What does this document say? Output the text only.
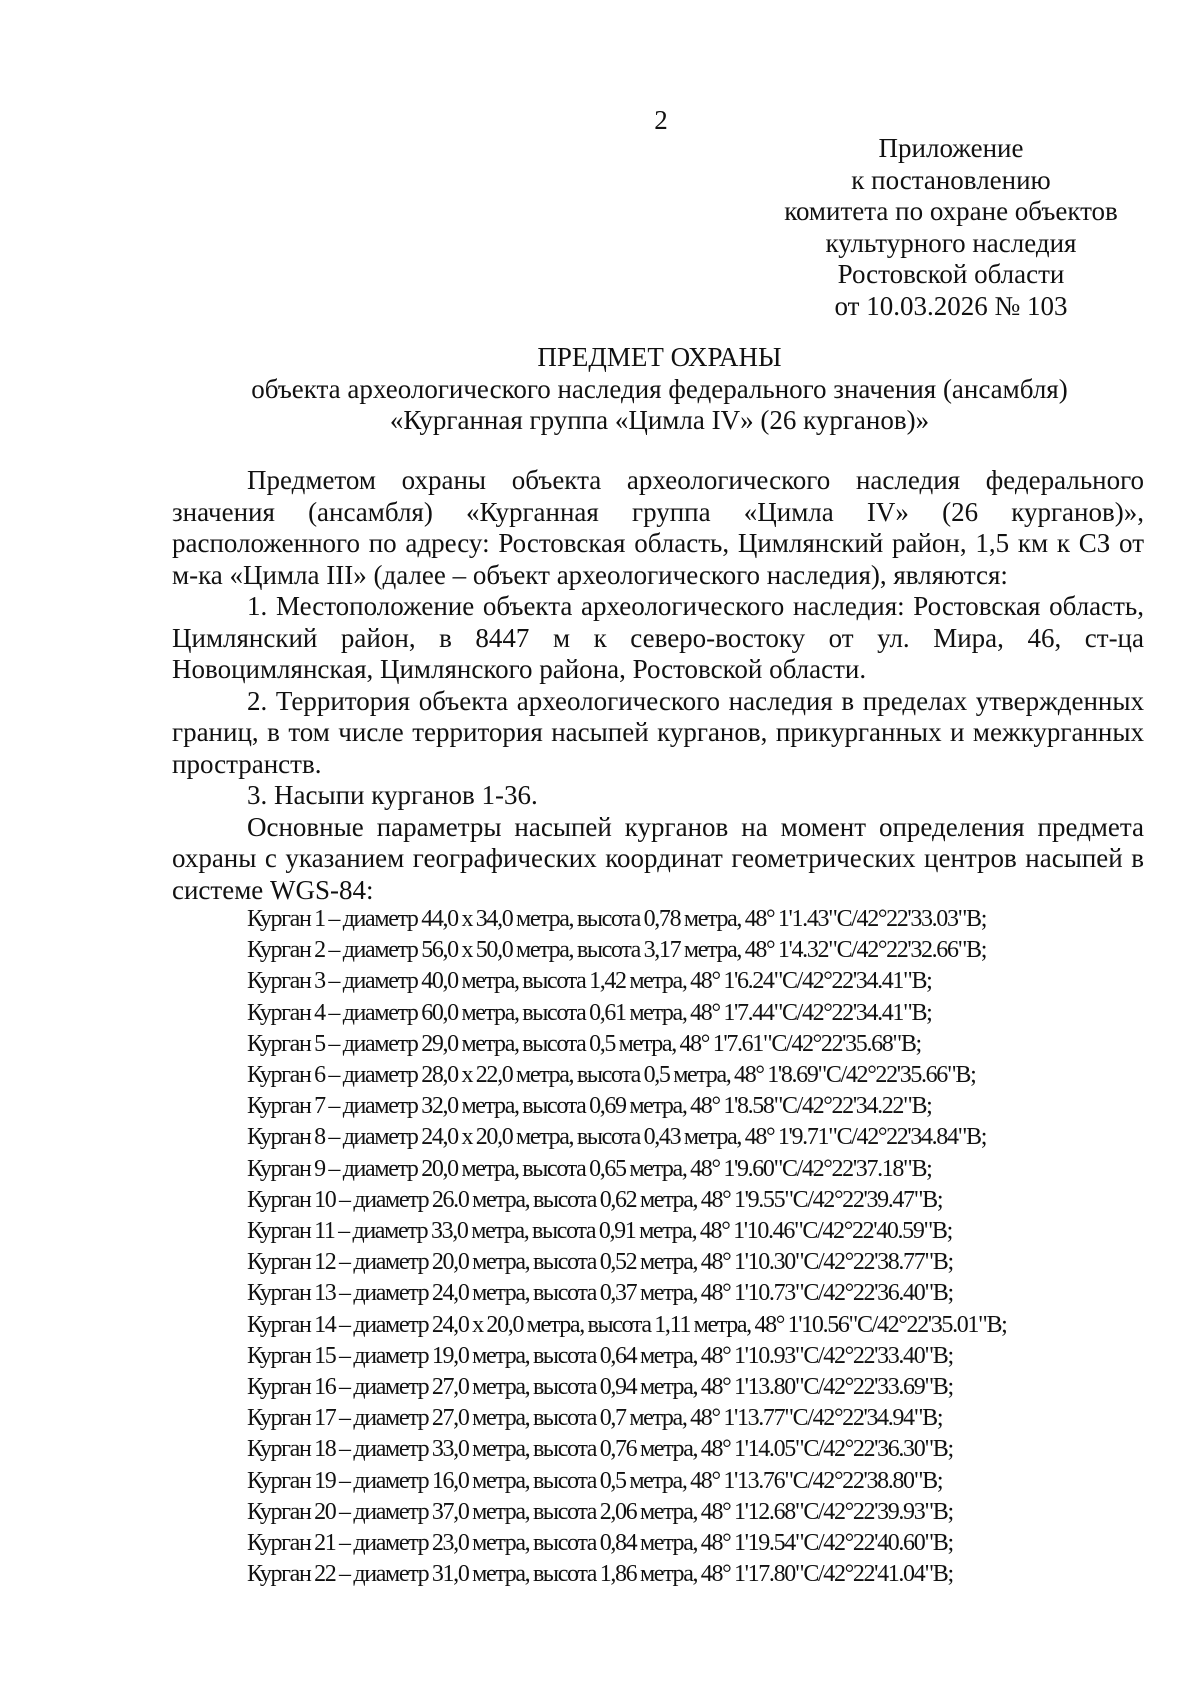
2
Приложение
к постановлению
комитета по охране объектов
культурного наследия
Ростовской области
от 10.03.2026 № 103
ПРЕДМЕТ ОХРАНЫ
объекта археологического наследия федерального значения (ансамбля)
«Курганная группа «Цимла IV» (26 курганов)»

Предметом охраны объекта археологического наследия федерального значения (ансамбля) «Курганная группа «Цимла IV» (26 курганов)», расположенного по адресу: Ростовская область, Цимлянский район, 1,5 км к СЗ от м-ка «Цимла III» (далее – объект археологического наследия), являются:

1. Местоположение объекта археологического наследия: Ростовская область, Цимлянский район, в 8447 м к северо-востоку от ул. Мира, 46, ст-ца Новоцимлянская, Цимлянского района, Ростовской области.

2. Территория объекта археологического наследия в пределах утвержденных границ, в том числе территория насыпей курганов, прикурганных и межкурганных пространств.

3. Насыпи курганов 1-36.

Основные параметры насыпей курганов на момент определения предмета охраны с указанием географических координат геометрических центров насыпей в системе WGS-84:

Курган 1 – диаметр 44,0 х 34,0 метра, высота 0,78 метра, 48° 1'1.43"С/42°22'33.03"В;
Курган 2 – диаметр 56,0 х 50,0 метра, высота 3,17 метра, 48° 1'4.32"С/42°22'32.66"В;
Курган 3 – диаметр 40,0 метра, высота 1,42 метра, 48° 1'6.24"С/42°22'34.41"В;
Курган 4 – диаметр 60,0 метра, высота 0,61 метра, 48° 1'7.44"С/42°22'34.41"В;
Курган 5 – диаметр 29,0 метра, высота 0,5 метра, 48° 1'7.61"С/42°22'35.68"В;
Курган 6 – диаметр 28,0 х 22,0 метра, высота 0,5 метра, 48° 1'8.69"С/42°22'35.66"В;
Курган 7 – диаметр 32,0 метра, высота 0,69 метра, 48° 1'8.58"С/42°22'34.22"В;
Курган 8 – диаметр 24,0 х 20,0 метра, высота 0,43 метра, 48° 1'9.71"С/42°22'34.84"В;
Курган 9 – диаметр 20,0 метра, высота 0,65 метра, 48° 1'9.60"С/42°22'37.18"В;
Курган 10 – диаметр 26.0 метра, высота 0,62 метра, 48° 1'9.55"С/42°22'39.47"В;
Курган 11 – диаметр 33,0 метра, высота 0,91 метра, 48° 1'10.46"С/42°22'40.59"В;
Курган 12 – диаметр 20,0 метра, высота 0,52 метра, 48° 1'10.30"С/42°22'38.77"В;
Курган 13 – диаметр 24,0 метра, высота 0,37 метра, 48° 1'10.73"С/42°22'36.40"В;
Курган 14 – диаметр 24,0 х 20,0 метра, высота 1,11 метра, 48° 1'10.56"С/42°22'35.01"В;
Курган 15 – диаметр 19,0 метра, высота 0,64 метра, 48° 1'10.93"С/42°22'33.40"В;
Курган 16 – диаметр 27,0 метра, высота 0,94 метра, 48° 1'13.80"С/42°22'33.69"В;
Курган 17 – диаметр 27,0 метра, высота 0,7 метра, 48° 1'13.77"С/42°22'34.94"В;
Курган 18 – диаметр 33,0 метра, высота 0,76 метра, 48° 1'14.05"С/42°22'36.30"В;
Курган 19 – диаметр 16,0 метра, высота 0,5 метра, 48° 1'13.76"С/42°22'38.80"В;
Курган 20 – диаметр 37,0 метра, высота 2,06 метра, 48° 1'12.68"С/42°22'39.93"В;
Курган 21 – диаметр 23,0 метра, высота 0,84 метра, 48° 1'19.54"С/42°22'40.60"В;
Курган 22 – диаметр 31,0 метра, высота 1,86 метра, 48° 1'17.80"С/42°22'41.04"В;
